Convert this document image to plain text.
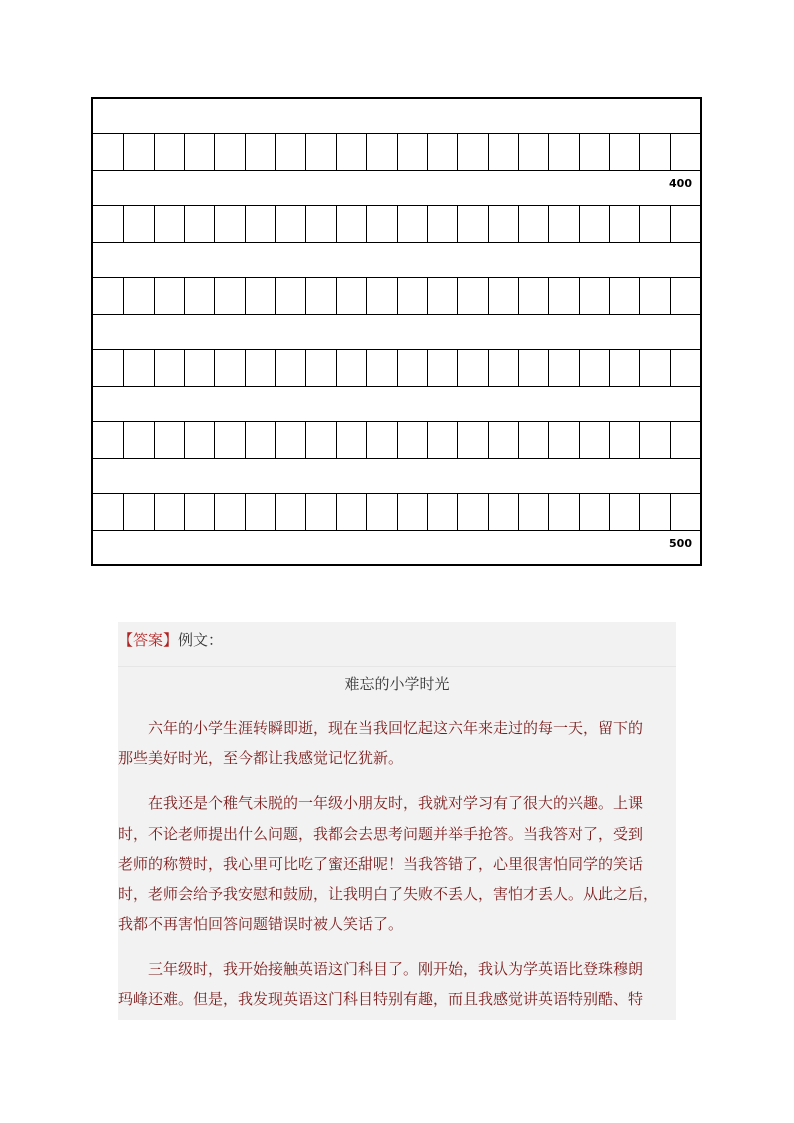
400
500
【答案】例文：
难忘的小学时光
六年的小学生涯转瞬即逝，现在当我回忆起这六年来走过的每一天，留下的
那些美好时光，至今都让我感觉记忆犹新。
在我还是个稚气未脱的一年级小朋友时，我就对学习有了很大的兴趣。上课
时，不论老师提出什么问题，我都会去思考问题并举手抢答。当我答对了，受到
老师的称赞时，我心里可比吃了蜜还甜呢！当我答错了，心里很害怕同学的笑话
时，老师会给予我安慰和鼓励，让我明白了失败不丢人，害怕才丢人。从此之后，
我都不再害怕回答问题错误时被人笑话了。
三年级时，我开始接触英语这门科目了。刚开始，我认为学英语比登珠穆朗
玛峰还难。但是，我发现英语这门科目特别有趣，而且我感觉讲英语特别酷、特
